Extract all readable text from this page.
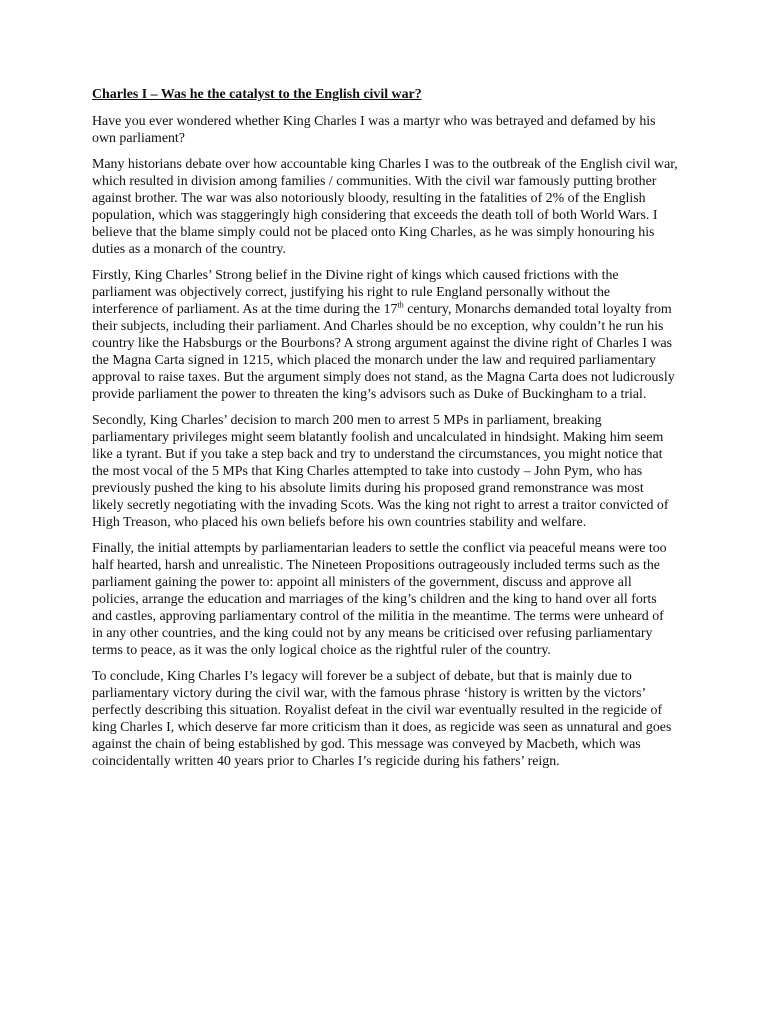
Charles I – Was he the catalyst to the English civil war?

Have you ever wondered whether King Charles I was a martyr who was betrayed and defamed by his own parliament?

Many historians debate over how accountable king Charles I was to the outbreak of the English civil war, which resulted in division among families / communities. With the civil war famously putting brother against brother. The war was also notoriously bloody, resulting in the fatalities of 2% of the English population, which was staggeringly high considering that exceeds the death toll of both World Wars. I believe that the blame simply could not be placed onto King Charles, as he was simply honouring his duties as a monarch of the country.

Firstly, King Charles’ Strong belief in the Divine right of kings which caused frictions with the parliament was objectively correct, justifying his right to rule England personally without the interference of parliament. As at the time during the 17th century, Monarchs demanded total loyalty from their subjects, including their parliament. And Charles should be no exception, why couldn’t he run his country like the Habsburgs or the Bourbons? A strong argument against the divine right of Charles I was the Magna Carta signed in 1215, which placed the monarch under the law and required parliamentary approval to raise taxes. But the argument simply does not stand, as the Magna Carta does not ludicrously provide parliament the power to threaten the king’s advisors such as Duke of Buckingham to a trial.

Secondly, King Charles’ decision to march 200 men to arrest 5 MPs in parliament, breaking parliamentary privileges might seem blatantly foolish and uncalculated in hindsight. Making him seem like a tyrant. But if you take a step back and try to understand the circumstances, you might notice that the most vocal of the 5 MPs that King Charles attempted to take into custody – John Pym, who has previously pushed the king to his absolute limits during his proposed grand remonstrance was most likely secretly negotiating with the invading Scots. Was the king not right to arrest a traitor convicted of High Treason, who placed his own beliefs before his own countries stability and welfare.

Finally, the initial attempts by parliamentarian leaders to settle the conflict via peaceful means were too half hearted, harsh and unrealistic. The Nineteen Propositions outrageously included terms such as the parliament gaining the power to: appoint all ministers of the government, discuss and approve all policies, arrange the education and marriages of the king’s children and the king to hand over all forts and castles, approving parliamentary control of the militia in the meantime. The terms were unheard of in any other countries, and the king could not by any means be criticised over refusing parliamentary terms to peace, as it was the only logical choice as the rightful ruler of the country.

To conclude, King Charles I’s legacy will forever be a subject of debate, but that is mainly due to parliamentary victory during the civil war, with the famous phrase ‘history is written by the victors’ perfectly describing this situation. Royalist defeat in the civil war eventually resulted in the regicide of king Charles I, which deserve far more criticism than it does, as regicide was seen as unnatural and goes against the chain of being established by god. This message was conveyed by Macbeth, which was coincidentally written 40 years prior to Charles I’s regicide during his fathers’ reign.
